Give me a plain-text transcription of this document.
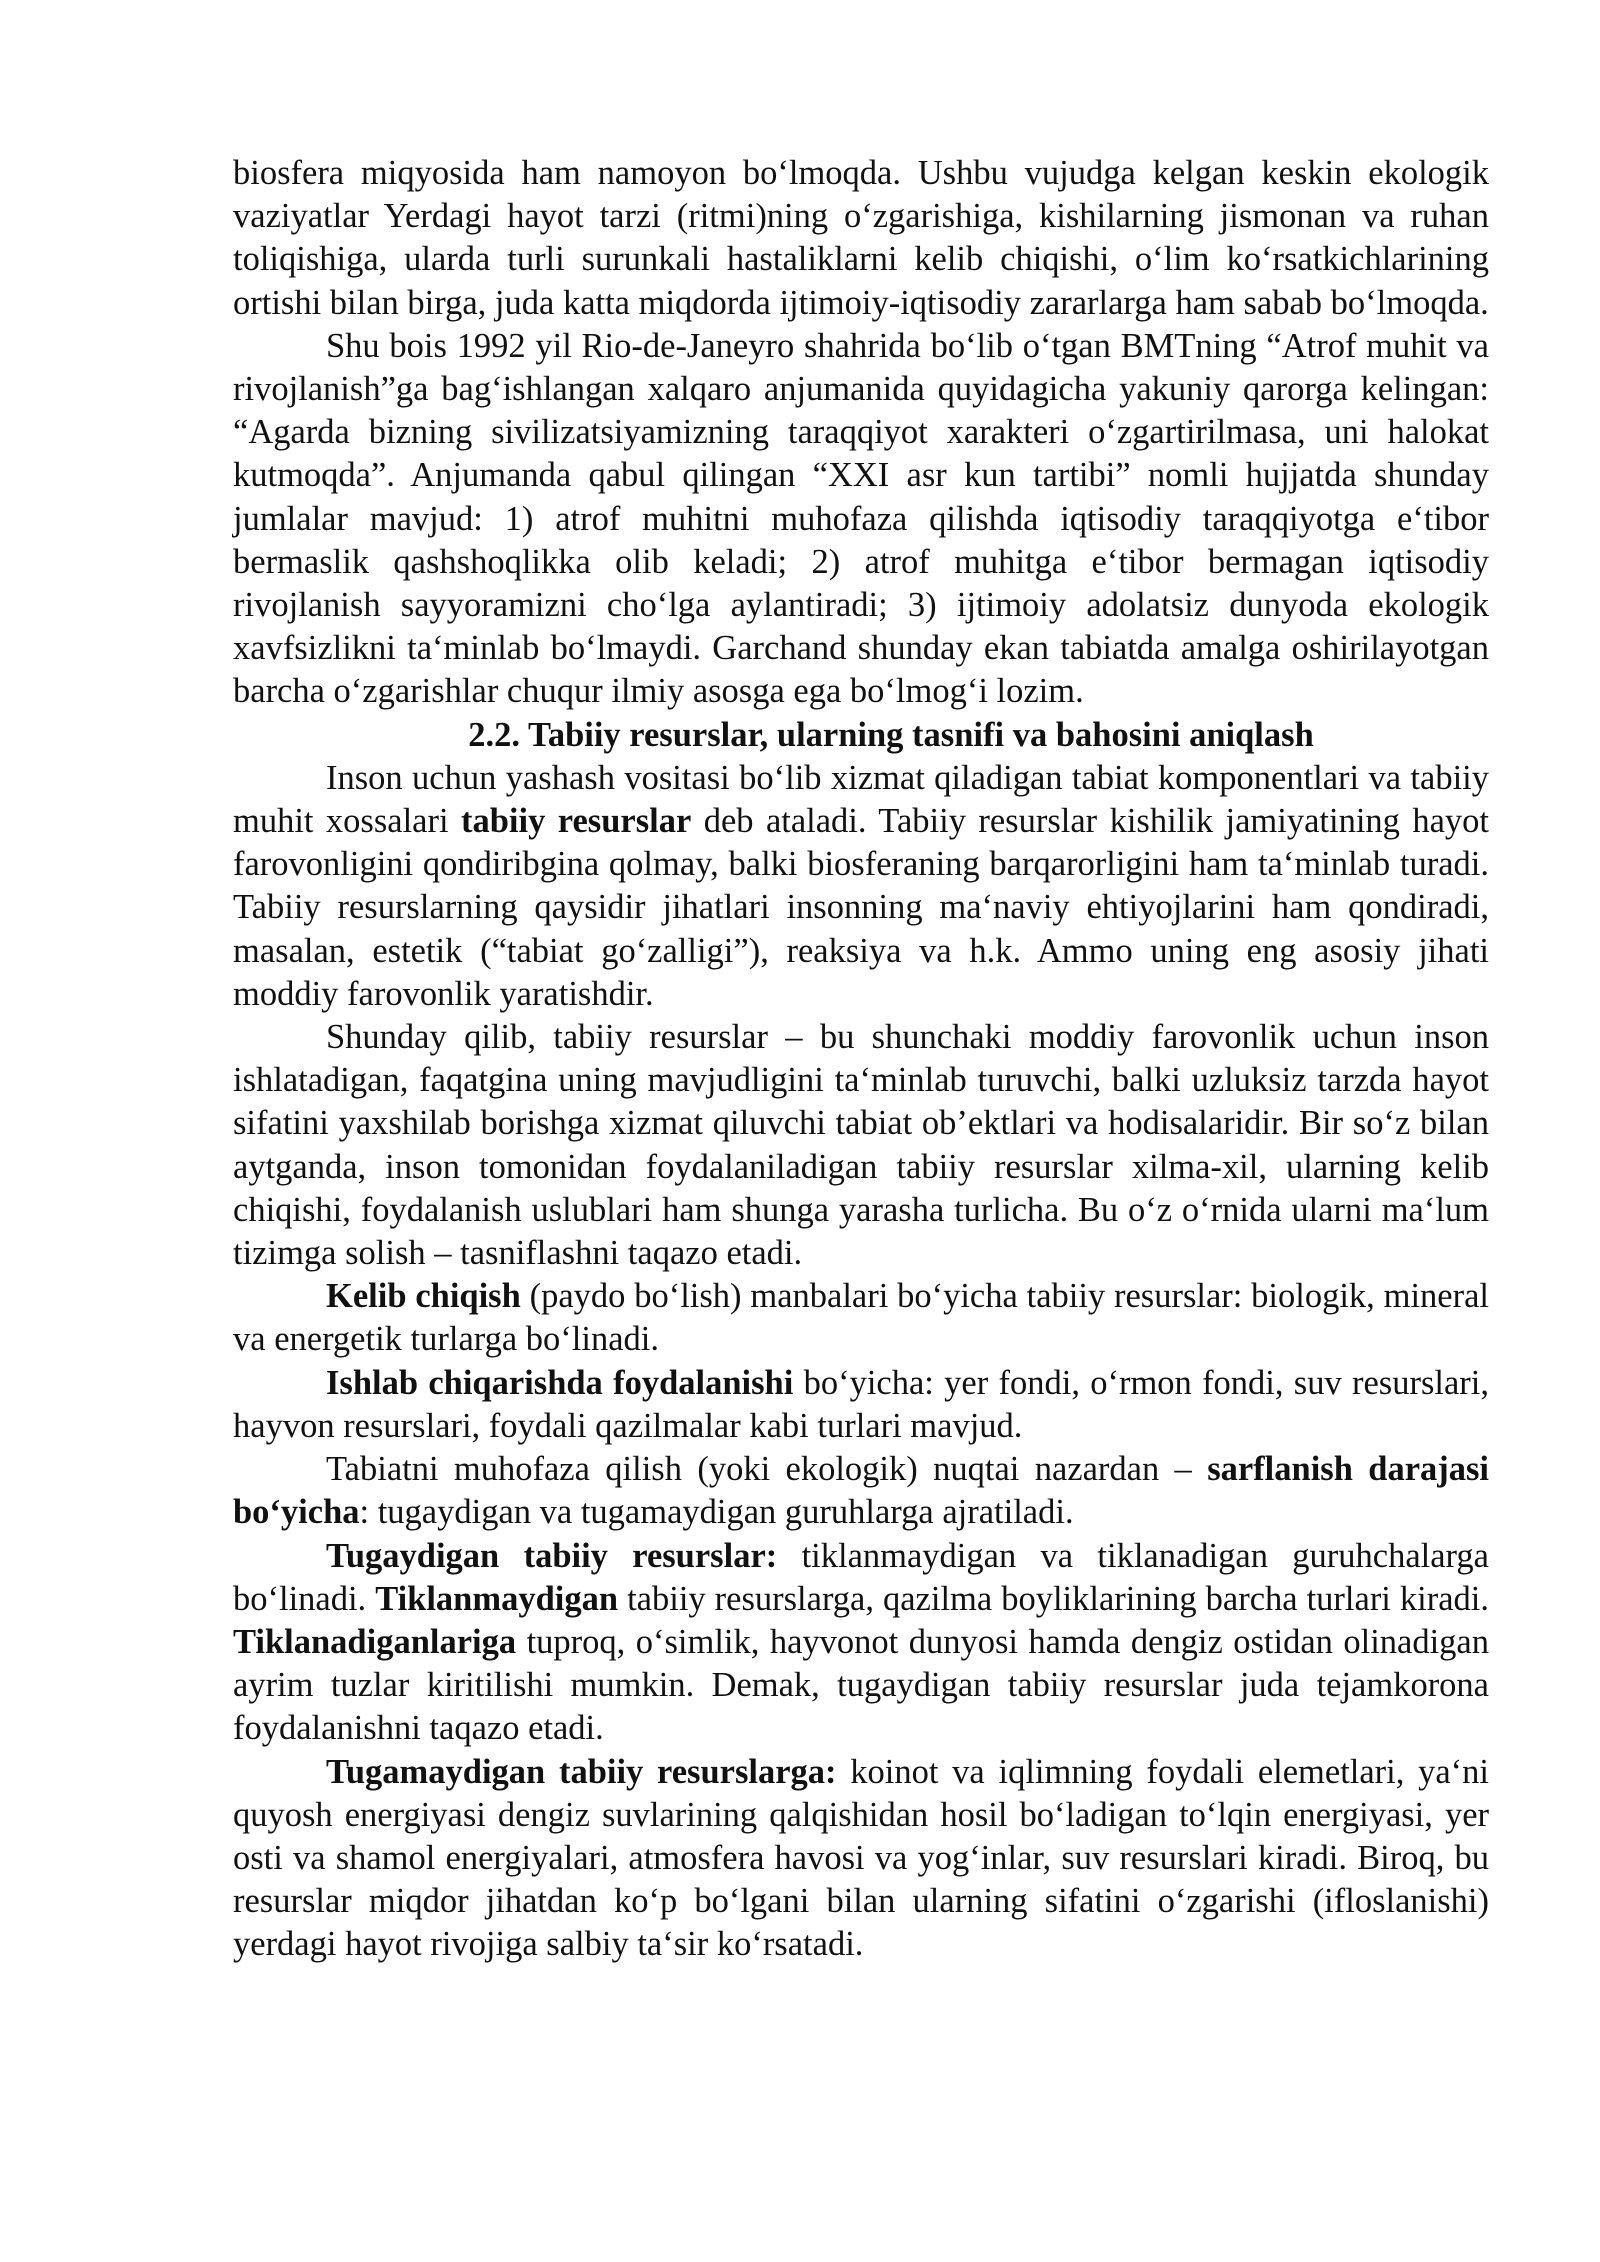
biosfera miqyosida ham namoyon bo‘lmoqda. Ushbu vujudga kelgan keskin ekologik vaziyatlar Yerdagi hayot tarzi (ritmi)ning o‘zgarishiga, kishilarning jismonan va ruhan toliqishiga, ularda turli surunkali hastaliklarni kelib chiqishi, o‘lim ko‘rsatkichlarining ortishi bilan birga, juda katta miqdorda ijtimoiy-iqtisodiy zararlarga ham sabab bo‘lmoqda.

Shu bois 1992 yil Rio-de-Janeyro shahrida bo‘lib o‘tgan BMTning “Atrof muhit va rivojlanish”ga bag‘ishlangan xalqaro anjumanida quyidagicha yakuniy qarorga kelingan: “Agarda bizning sivilizatsiyamizning taraqqiyot xarakteri o‘zgartirilmasa, uni halokat kutmoqda”. Anjumanda qabul qilingan “XXI asr kun tartibi” nomli hujjatda shunday jumlalar mavjud: 1) atrof muhitni muhofaza qilishda iqtisodiy taraqqiyotga e‘tibor bermaslik qashshoqlikka olib keladi; 2) atrof muhitga e‘tibor bermagan iqtisodiy rivojlanish sayyoramizni cho‘lga aylantiradi; 3) ijtimoiy adolatsiz dunyoda ekologik xavfsizlikni ta‘minlab bo‘lmaydi. Garchand shunday ekan tabiatda amalga oshirilayotgan barcha o‘zgarishlar chuqur ilmiy asosga ega bo‘lmog‘i lozim.

2.2. Tabiiy resurslar, ularning tasnifi va bahosini aniqlash

Inson uchun yashash vositasi bo‘lib xizmat qiladigan tabiat komponentlari va tabiiy muhit xossalari tabiiy resurslar deb ataladi. Tabiiy resurslar kishilik jamiyatining hayot farovonligini qondiribgina qolmay, balki biosferaning barqarorligini ham ta‘minlab turadi. Tabiiy resurslarning qaysidir jihatlari insonning ma‘naviy ehtiyojlarini ham qondiradi, masalan, estetik (“tabiat go‘zalligi”), reaksiya va h.k. Ammo uning eng asosiy jihati moddiy farovonlik yaratishdir.

Shunday qilib, tabiiy resurslar – bu shunchaki moddiy farovonlik uchun inson ishlatadigan, faqatgina uning mavjudligini ta‘minlab turuvchi, balki uzluksiz tarzda hayot sifatini yaxshilab borishga xizmat qiluvchi tabiat ob’ektlari va hodisalaridir. Bir so‘z bilan aytganda, inson tomonidan foydalaniladigan tabiiy resurslar xilma-xil, ularning kelib chiqishi, foydalanish uslublari ham shunga yarasha turlicha. Bu o‘z o‘rnida ularni ma‘lum tizimga solish – tasniflashni taqazo etadi.

Kelib chiqish (paydo bo‘lish) manbalari bo‘yicha tabiiy resurslar: biologik, mineral va energetik turlarga bo‘linadi.

Ishlab chiqarishda foydalanishi bo‘yicha: yer fondi, o‘rmon fondi, suv resurslari, hayvon resurslari, foydali qazilmalar kabi turlari mavjud.

Tabiatni muhofaza qilish (yoki ekologik) nuqtai nazardan – sarflanish darajasi bo‘yicha: tugaydigan va tugamaydigan guruhlarga ajratiladi.

Tugaydigan tabiiy resurslar: tiklanmaydigan va tiklanadigan guruhchalarga bo‘linadi. Tiklanmaydigan tabiiy resurslarga, qazilma boyliklarining barcha turlari kiradi. Tiklanadiganlariga tuproq, o‘simlik, hayvonot dunyosi hamda dengiz ostidan olinadigan ayrim tuzlar kiritilishi mumkin. Demak, tugaydigan tabiiy resurslar juda tejamkorona foydalanishni taqazo etadi.

Tugamaydigan tabiiy resurslarga: koinot va iqlimning foydali elemetlari, ya‘ni quyosh energiyasi dengiz suvlarining qalqishidan hosil bo‘ladigan to‘lqin energiyasi, yer osti va shamol energiyalari, atmosfera havosi va yog‘inlar, suv resurslari kiradi. Biroq, bu resurslar miqdor jihatdan ko‘p bo‘lgani bilan ularning sifatini o‘zgarishi (ifloslanishi) yerdagi hayot rivojiga salbiy ta‘sir ko‘rsatadi.
